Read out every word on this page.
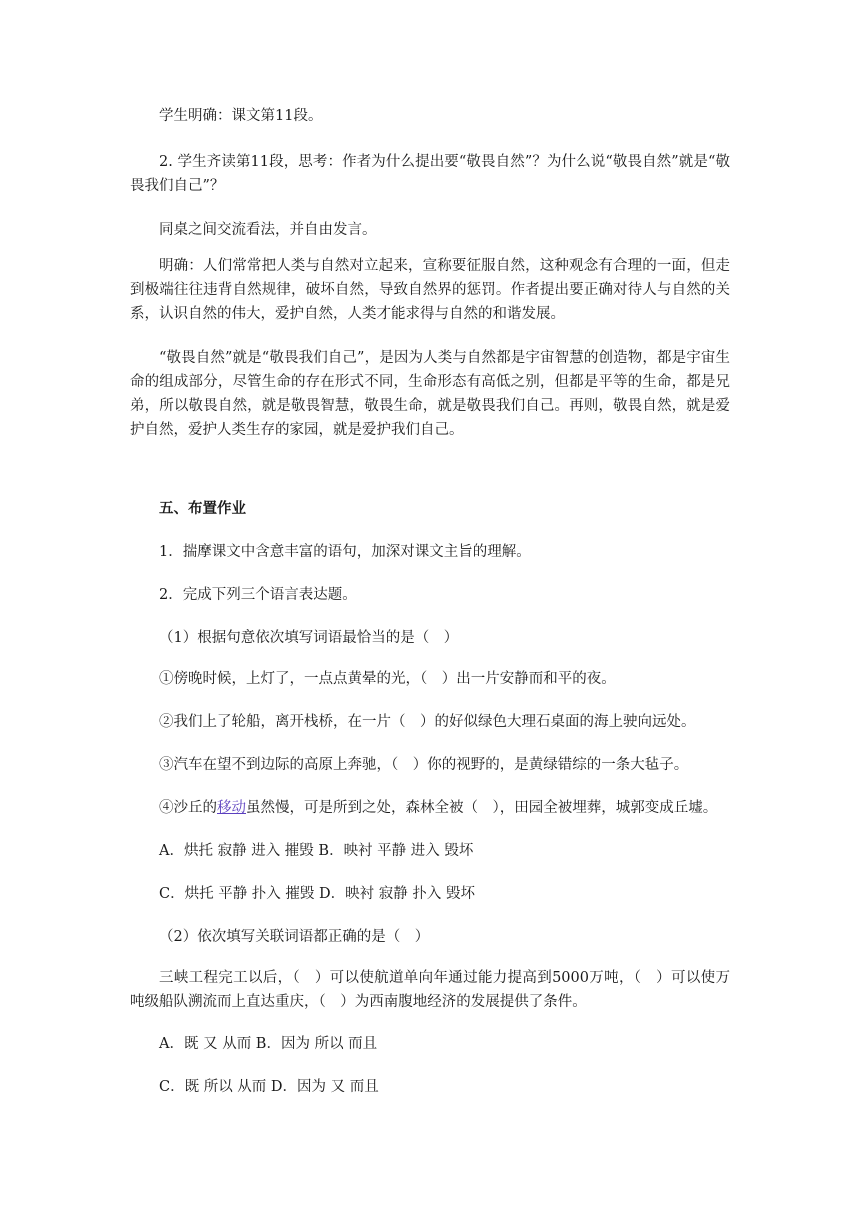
学生明确：课文第11段。
2. 学生齐读第11段，思考：作者为什么提出要“敬畏自然”？为什么说“敬畏自然”就是“敬畏我们自己”？
同桌之间交流看法，并自由发言。
明确：人们常常把人类与自然对立起来，宣称要征服自然，这种观念有合理的一面，但走到极端往往违背自然规律，破坏自然，导致自然界的惩罚。作者提出要正确对待人与自然的关系，认识自然的伟大，爱护自然，人类才能求得与自然的和谐发展。
“敬畏自然”就是“敬畏我们自己”，是因为人类与自然都是宇宙智慧的创造物，都是宇宙生命的组成部分，尽管生命的存在形式不同，生命形态有高低之别，但都是平等的生命，都是兄弟，所以敬畏自然，就是敬畏智慧，敬畏生命，就是敬畏我们自己。再则，敬畏自然，就是爱护自然，爱护人类生存的家园，就是爱护我们自己。
五、布置作业
1．揣摩课文中含意丰富的语句，加深对课文主旨的理解。
2．完成下列三个语言表达题。
（1）根据句意依次填写词语最恰当的是（　）
①傍晚时候，上灯了，一点点黄晕的光，（　）出一片安静而和平的夜。
②我们上了轮船，离开栈桥，在一片（　）的好似绿色大理石桌面的海上驶向远处。
③汽车在望不到边际的高原上奔驰，（　）你的视野的，是黄绿错综的一条大毡子。
④沙丘的移动虽然慢，可是所到之处，森林全被（　），田园全被埋葬，城郭变成丘墟。
A．烘托 寂静 进入 摧毁 B．映衬 平静 进入 毁坏
C．烘托 平静 扑入 摧毁 D．映衬 寂静 扑入 毁坏
（2）依次填写关联词语都正确的是（　）
三峡工程完工以后，（　）可以使航道单向年通过能力提高到5000万吨，（　）可以使万吨级船队溯流而上直达重庆，（　）为西南腹地经济的发展提供了条件。
A．既 又 从而 B．因为 所以 而且
C．既 所以 从而 D．因为 又 而且
